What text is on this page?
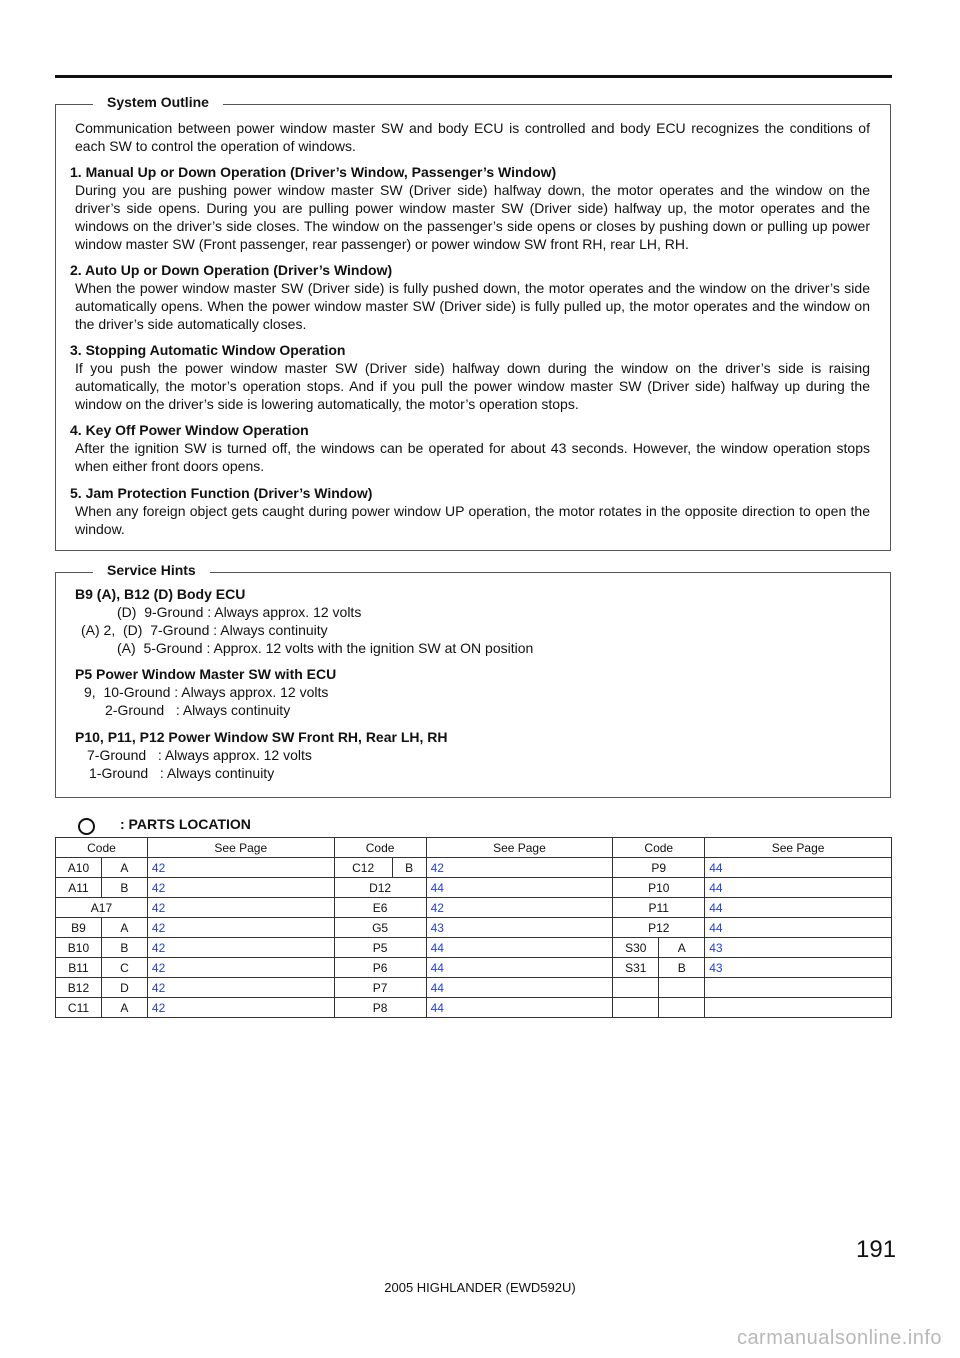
System Outline
Communication between power window master SW and body ECU is controlled and body ECU recognizes the conditions of each SW to control the operation of windows.
1. Manual Up or Down Operation (Driver’s Window, Passenger’s Window)
During you are pushing power window master SW (Driver side) halfway down, the motor operates and the window on the driver’s side opens. During you are pulling power window master SW (Driver side) halfway up, the motor operates and the windows on the driver’s side closes. The window on the passenger’s side opens or closes by pushing down or pulling up power window master SW (Front passenger, rear passenger) or power window SW front RH, rear LH, RH.
2. Auto Up or Down Operation (Driver’s Window)
When the power window master SW (Driver side) is fully pushed down, the motor operates and the window on the driver’s side automatically opens. When the power window master SW (Driver side) is fully pulled up, the motor operates and the window on the driver’s side automatically closes.
3. Stopping Automatic Window Operation
If you push the power window master SW (Driver side) halfway down during the window on the driver’s side is raising automatically, the motor’s operation stops. And if you pull the power window master SW (Driver side) halfway up during the window on the driver’s side is lowering automatically, the motor’s operation stops.
4. Key Off Power Window Operation
After the ignition SW is turned off, the windows can be operated for about 43 seconds. However, the window operation stops when either front doors opens.
5. Jam Protection Function (Driver’s Window)
When any foreign object gets caught during power window UP operation, the motor rotates in the opposite direction to open the window.
Service Hints
B9 (A), B12 (D) Body ECU
(D)  9-Ground : Always approx. 12 volts
(A) 2,  (D)  7-Ground : Always continuity
(A)  5-Ground : Approx. 12 volts with the ignition SW at ON position
P5 Power Window Master SW with ECU
9,  10-Ground : Always approx. 12 volts
2-Ground   : Always continuity
P10, P11, P12 Power Window SW Front RH, Rear LH, RH
7-Ground   : Always approx. 12 volts
1-Ground   : Always continuity
: PARTS LOCATION
Code		See Page	Code		See Page	Code		See Page
A10	A	42	C12	B	42	P9		44
A11	B	42	D12		44	P10		44
A17		42	E6		42	P11		44
B9	A	42	G5		43	P12		44
B10	B	42	P5		44	S30	A	43
B11	C	42	P6		44	S31	B	43
B12	D	42	P7		44			
C11	A	42	P8		44			
191
2005 HIGHLANDER (EWD592U)
carmanualsonline.info
